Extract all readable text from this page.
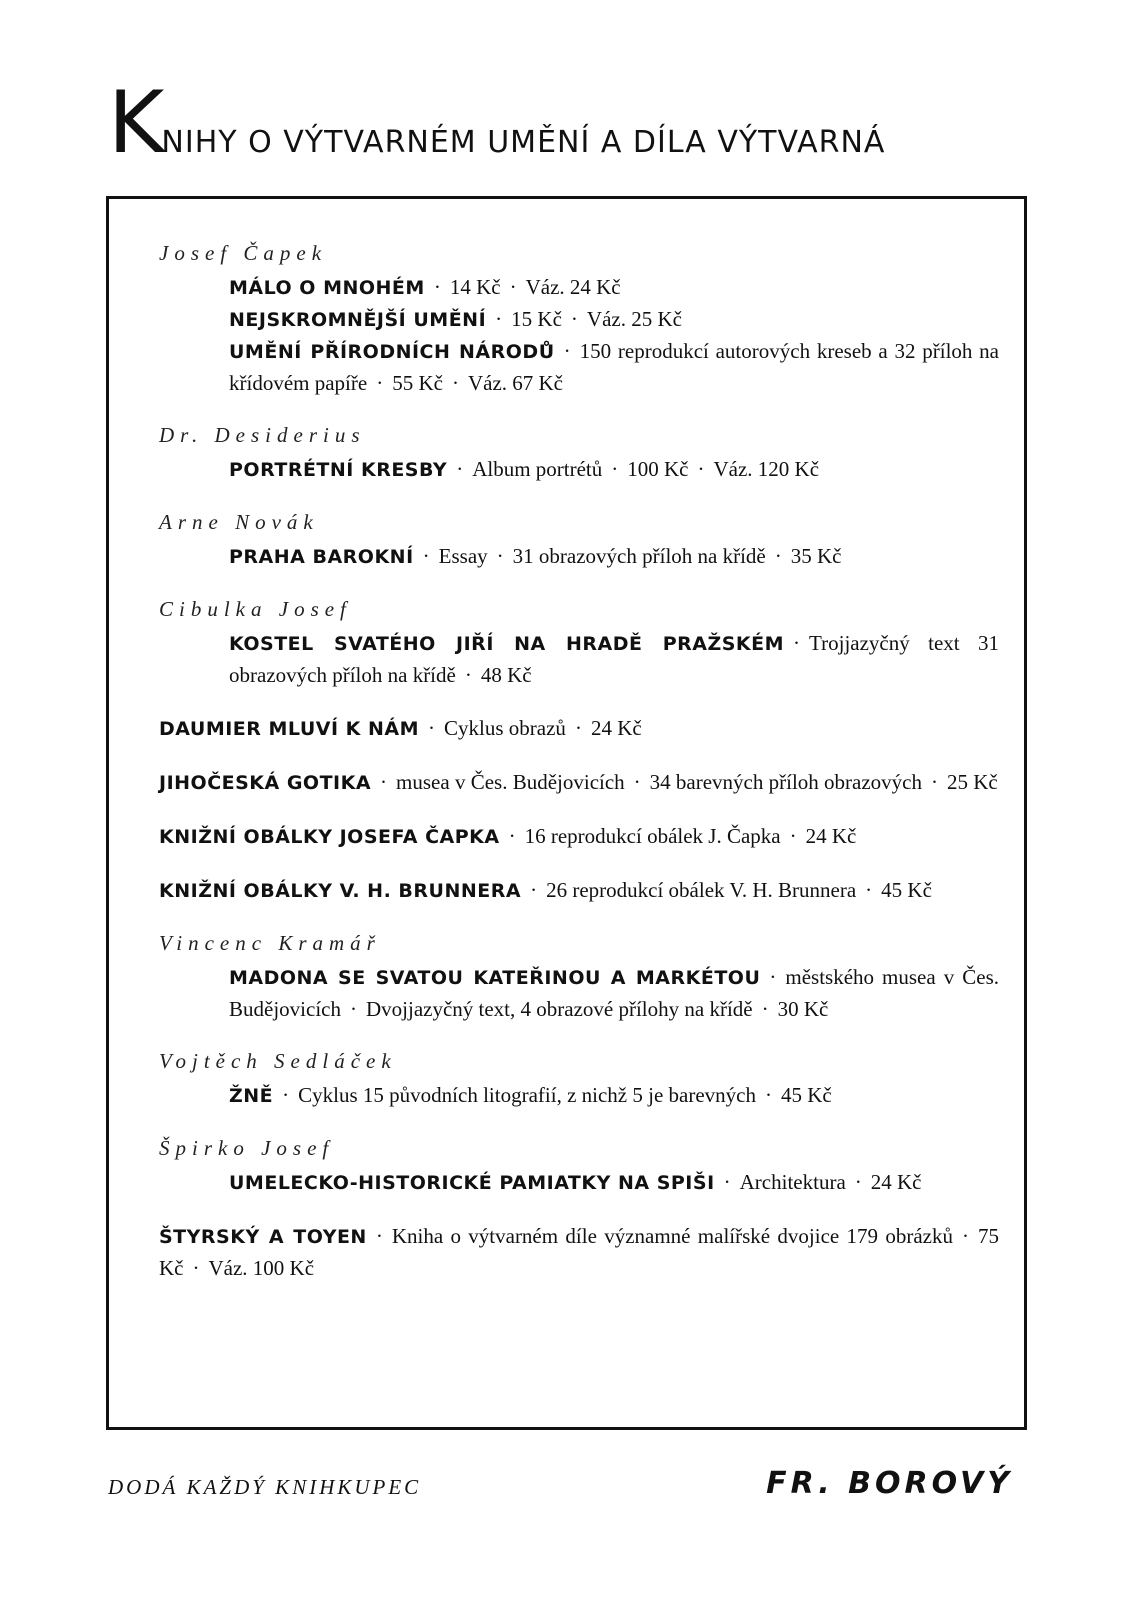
KNIHY O VÝTVARNÉM UMĚNÍ A DÍLA VÝTVARNÁ
Josef Čapek
MÁLO O MNOHÉM · 14 Kč · Váz. 24 Kč
NEJSKROMNĚJŠÍ UMĚNÍ · 15 Kč · Váz. 25 Kč
UMĚNÍ PŘÍRODNÍCH NÁRODŮ · 150 reprodukcí autorových kreseb a 32 příloh na křídovém papíře · 55 Kč · Váz. 67 Kč
Dr. Desiderius
PORTRÉTNÍ KRESBY · Album portrétů · 100 Kč · Váz. 120 Kč
Arne Novák
PRAHA BAROKNÍ · Essay · 31 obrazových příloh na křídě · 35 Kč
Cibulka Josef
KOSTEL SVATÉHO JIŘÍ NA HRADĚ PRAŽSKÉM · Trojjazyčný text 31 obrazových příloh na křídě · 48 Kč
DAUMIER MLUVÍ K NÁM · Cyklus obrazů · 24 Kč
JIHOČESKÁ GOTIKA · musea v Čes. Budějovicích · 34 barevných příloh obrazových · 25 Kč
KNIŽNÍ OBÁLKY JOSEFA ČAPKA · 16 reprodukcí obálek J. Čapka · 24 Kč
KNIŽNÍ OBÁLKY V. H. BRUNNERA · 26 reprodukcí obálek V. H. Brunnera · 45 Kč
Vincenc Kramář
MADONA SE SVATOU KATEŘINOU A MARKÉTOU · městského musea v Čes. Budějovicích · Dvojjazyčný text, 4 obrazové přílohy na křídě · 30 Kč
Vojtěch Sedláček
ŽNĚ · Cyklus 15 původních litografií, z nichž 5 je barevných · 45 Kč
Špirko Josef
UMELECKO-HISTORICKÉ PAMIATKY NA SPIŠI · Architektura · 24 Kč
ŠTYRSKÝ A TOYEN · Kniha o výtvarném díle významné malířské dvojice 179 obrázků · 75 Kč · Váz. 100 Kč
DODÁ KAŽDÝ KNIHKUPEC	FR. BOROVÝ
